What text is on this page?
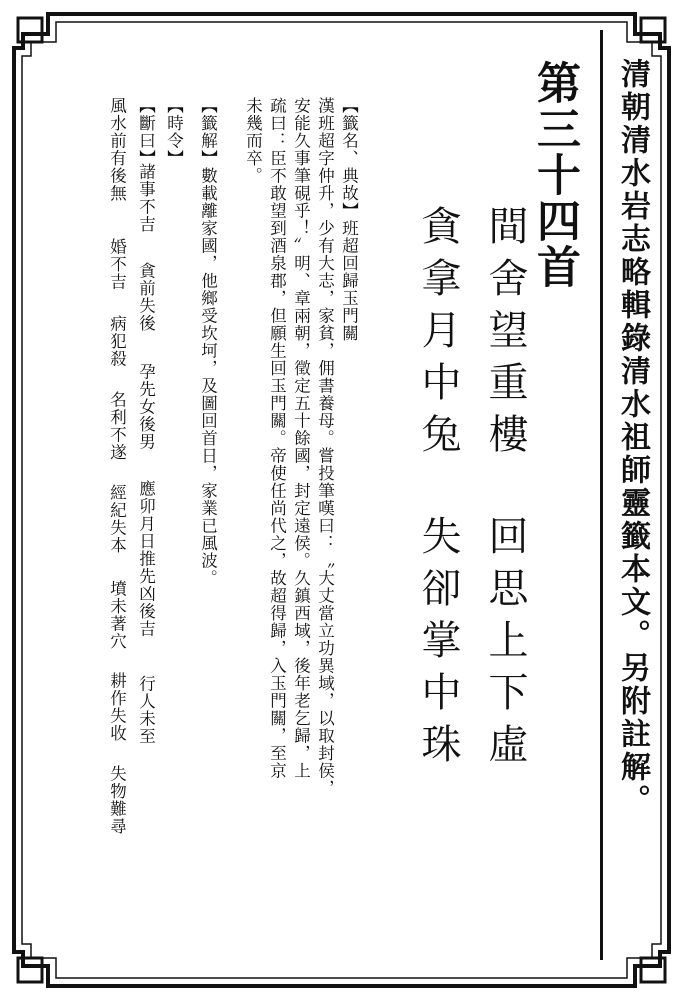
清朝清水岩志略輯錄清水祖師靈籤本文。另附註解。
第三十四首
間舍望重樓
回思上下虛
貪拿月中兔
失卻掌中珠
【籤名、典故】班超回歸玉門關
漢班超字仲升，少有大志，家貧，佣書養母。嘗投筆嘆曰：〝大丈當立功異域，以取封侯，
安能久事筆硯乎！〞明、章兩朝，徵定五十餘國，封定遠侯。久鎮西域，後年老乞歸，上
疏曰：臣不敢望到酒泉郡，但願生回玉門關。帝使任尚代之，故超得歸，入玉門關，至京
未幾而卒。
【籤解】數載離家國，他鄉受坎坷，及圖回首日，家業已風波。
【時令】
【斷曰】
諸事不吉
貪前失後
孕先女後男
應卯月日推先凶後吉
行人未至
風水前有後無
婚不吉
病犯殺
名利不遂
經紀失本
墳未著穴
耕作失收
失物難尋
